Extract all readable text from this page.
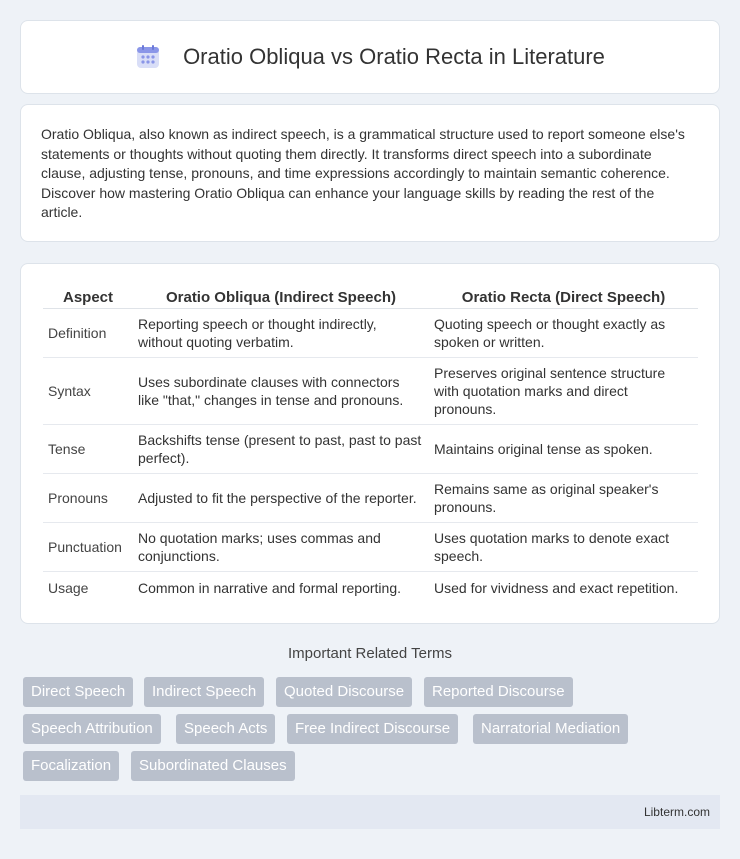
Oratio Obliqua vs Oratio Recta in Literature

Oratio Obliqua, also known as indirect speech, is a grammatical structure used to report someone else's statements or thoughts without quoting them directly. It transforms direct speech into a subordinate clause, adjusting tense, pronouns, and time expressions accordingly to maintain semantic coherence. Discover how mastering Oratio Obliqua can enhance your language skills by reading the rest of the article.

Aspect	Oratio Obliqua (Indirect Speech)	Oratio Recta (Direct Speech)
Definition	Reporting speech or thought indirectly, without quoting verbatim.	Quoting speech or thought exactly as spoken or written.
Syntax	Uses subordinate clauses with connectors like "that," changes in tense and pronouns.	Preserves original sentence structure with quotation marks and direct pronouns.
Tense	Backshifts tense (present to past, past to past perfect).	Maintains original tense as spoken.
Pronouns	Adjusted to fit the perspective of the reporter.	Remains same as original speaker's pronouns.
Punctuation	No quotation marks; uses commas and conjunctions.	Uses quotation marks to denote exact speech.
Usage	Common in narrative and formal reporting.	Used for vividness and exact repetition.
Important Related Terms
Direct Speech	Indirect Speech	Quoted Discourse	Reported Discourse
Speech Attribution	Speech Acts	Free Indirect Discourse	Narratorial Mediation
Focalization	Subordinated Clauses
Libterm.com
